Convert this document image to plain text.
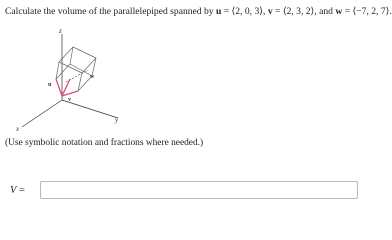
Calculate the volume of the parallelepiped spanned by u = ⟨2, 0, 3⟩, v = ⟨2, 3, 2⟩, and w = ⟨−7, 2, 7⟩.
z
y
x
u
v
w
(Use symbolic notation and fractions where needed.)
V =
